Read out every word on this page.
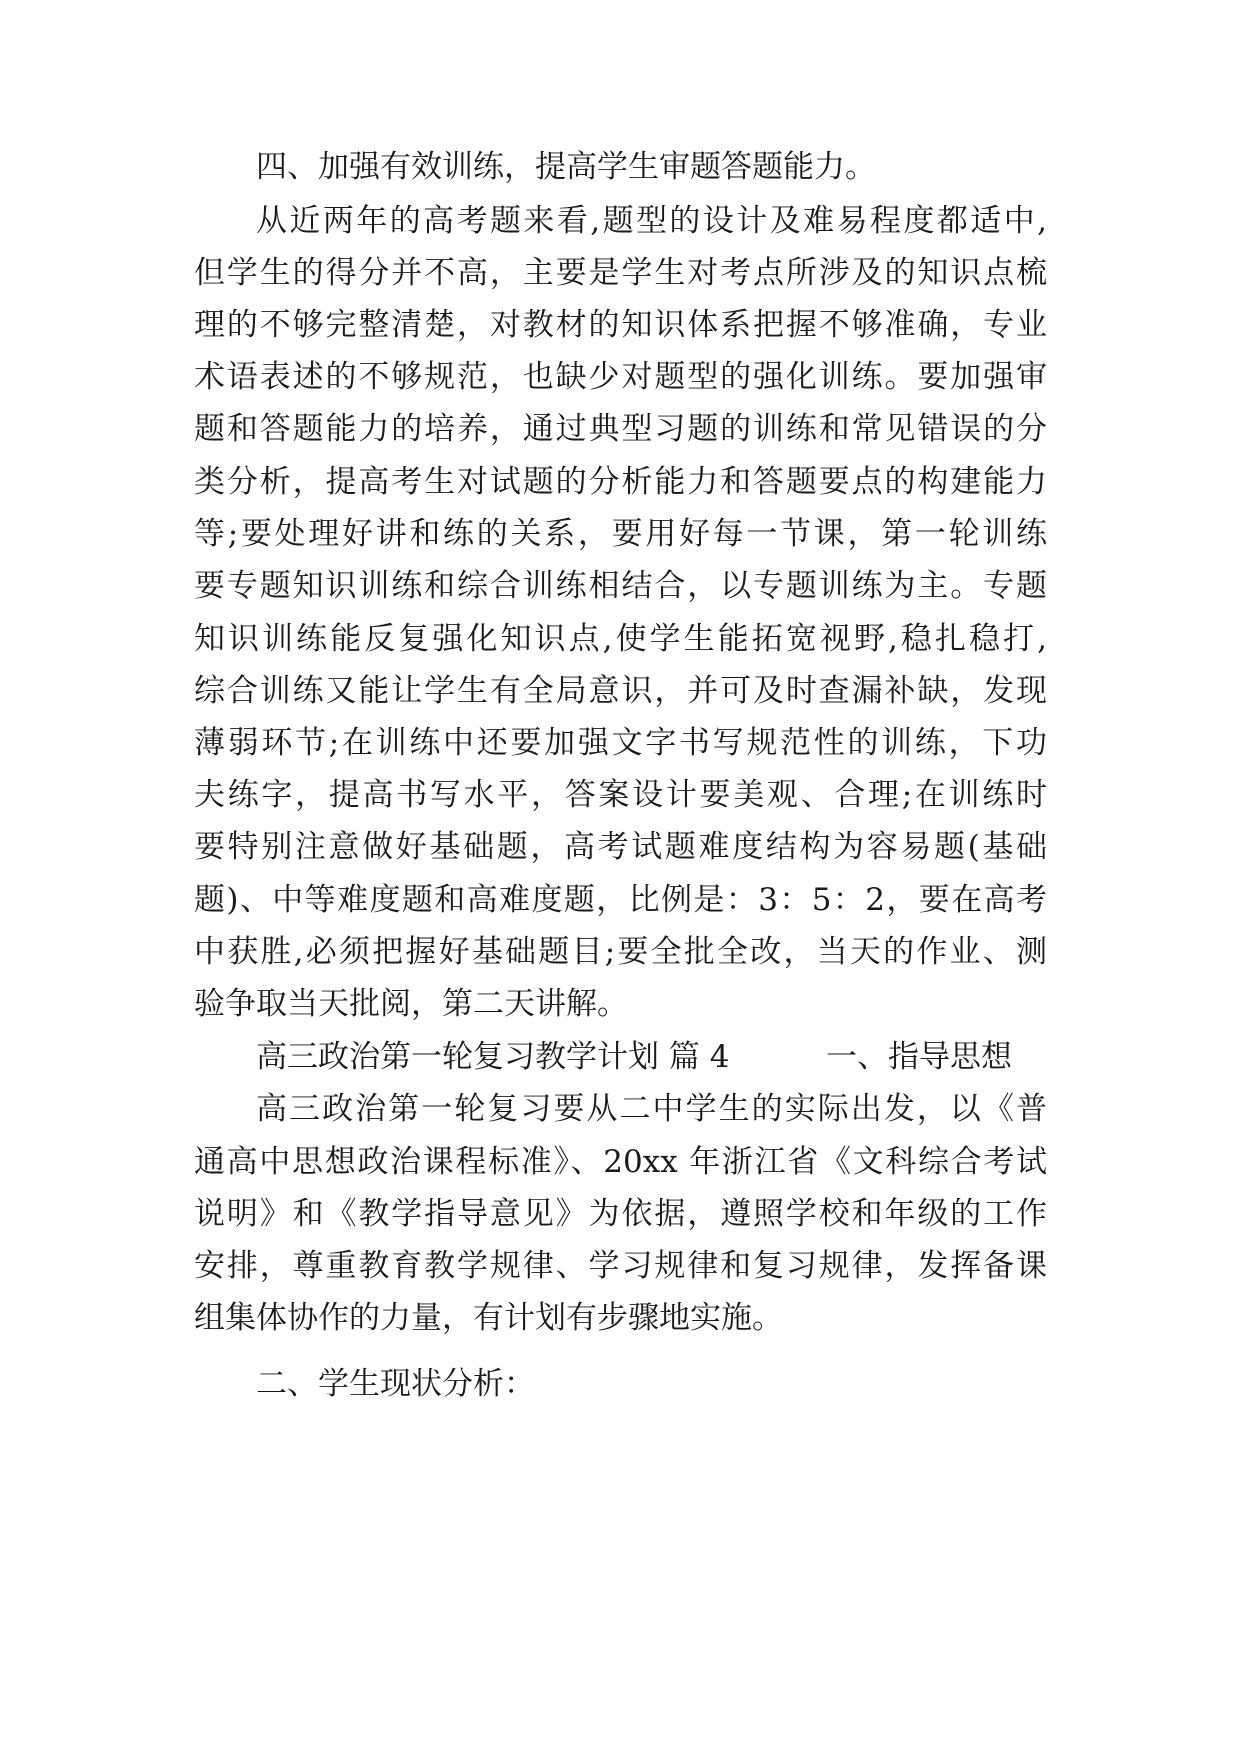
四、加强有效训练，提高学生审题答题能力。
从近两年的高考题来看,题型的设计及难易程度都适中,
但学生的得分并不高，主要是学生对考点所涉及的知识点梳
理的不够完整清楚，对教材的知识体系把握不够准确，专业
术语表述的不够规范，也缺少对题型的强化训练。要加强审
题和答题能力的培养，通过典型习题的训练和常见错误的分
类分析，提高考生对试题的分析能力和答题要点的构建能力
等;要处理好讲和练的关系，要用好每一节课，第一轮训练
要专题知识训练和综合训练相结合，以专题训练为主。专题
知识训练能反复强化知识点,使学生能拓宽视野,稳扎稳打,
综合训练又能让学生有全局意识，并可及时查漏补缺，发现
薄弱环节;在训练中还要加强文字书写规范性的训练，下功
夫练字，提高书写水平，答案设计要美观、合理;在训练时
要特别注意做好基础题，高考试题难度结构为容易题(基础
题)、中等难度题和高难度题，比例是：3：5：2，要在高考
中获胜,必须把握好基础题目;要全批全改，当天的作业、测
验争取当天批阅，第二天讲解。
高三政治第一轮复习教学计划 篇 4	一、指导思想
高三政治第一轮复习要从二中学生的实际出发，以《普
通高中思想政治课程标准》、20xx 年浙江省《文科综合考试
说明》和《教学指导意见》为依据，遵照学校和年级的工作
安排，尊重教育教学规律、学习规律和复习规律，发挥备课
组集体协作的力量，有计划有步骤地实施。
二、学生现状分析：
